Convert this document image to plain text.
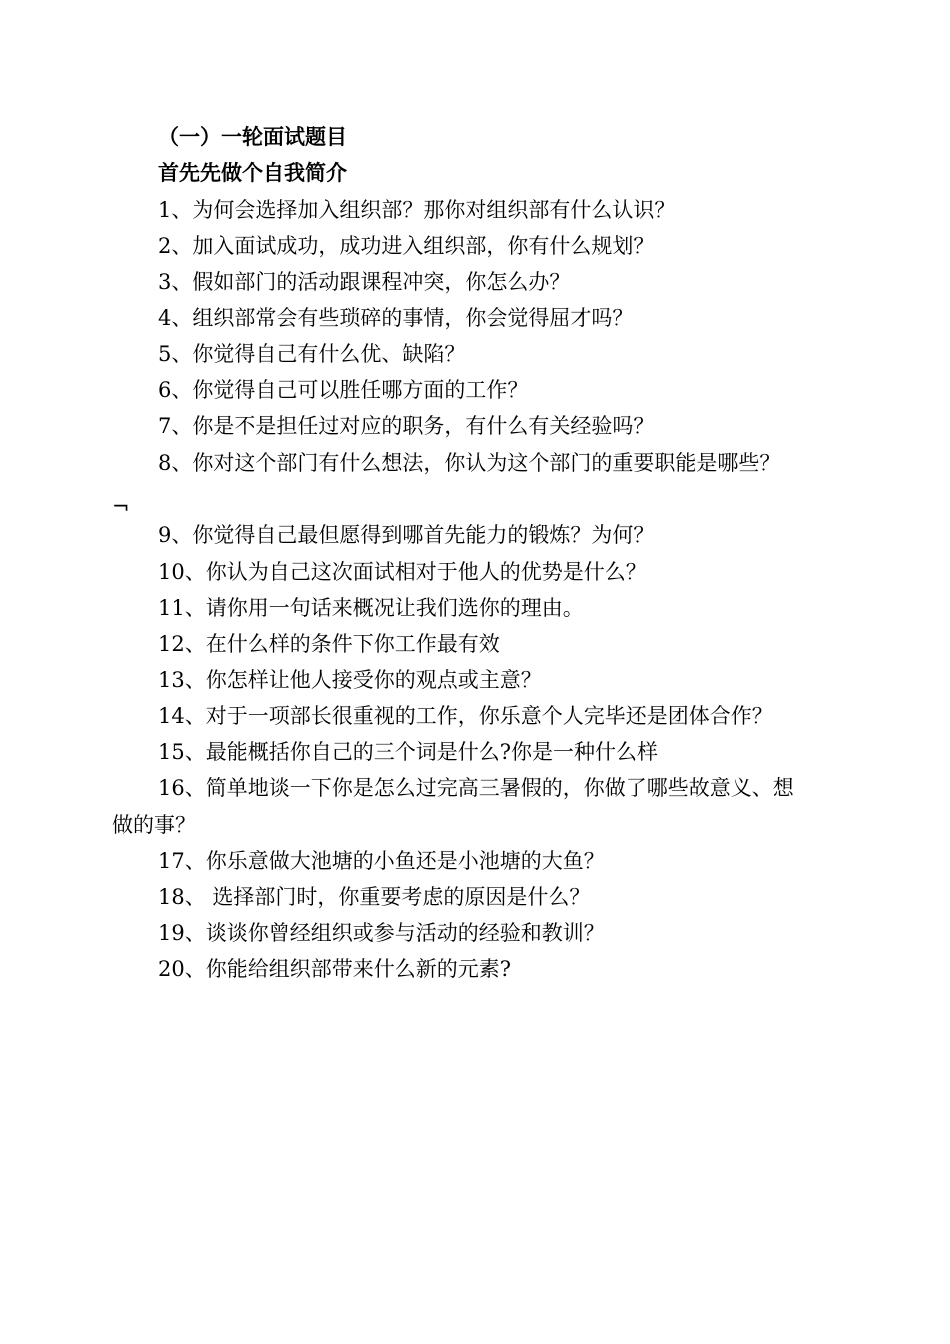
（一）一轮面试题目
首先先做个自我简介
1、为何会选择加入组织部？那你对组织部有什么认识？
2、加入面试成功，成功进入组织部，你有什么规划？
3、假如部门的活动跟课程冲突，你怎么办？
4、组织部常会有些琐碎的事情，你会觉得屈才吗？
5、你觉得自己有什么优、缺陷？
6、你觉得自己可以胜任哪方面的工作？
7、你是不是担任过对应的职务，有什么有关经验吗？
8、你对这个部门有什么想法，你认为这个部门的重要职能是哪些？
¬
9、你觉得自己最但愿得到哪首先能力的锻炼？为何？
10、你认为自己这次面试相对于他人的优势是什么？
11、请你用一句话来概况让我们选你的理由。
12、在什么样的条件下你工作最有效
13、你怎样让他人接受你的观点或主意？
14、对于一项部长很重视的工作，你乐意个人完毕还是团体合作？
15、最能概括你自己的三个词是什么?你是一种什么样
16、简单地谈一下你是怎么过完高三暑假的，你做了哪些故意义、想
做的事？
17、你乐意做大池塘的小鱼还是小池塘的大鱼？
18、 选择部门时，你重要考虑的原因是什么？
19、谈谈你曾经组织或参与活动的经验和教训？
20、你能给组织部带来什么新的元素?
